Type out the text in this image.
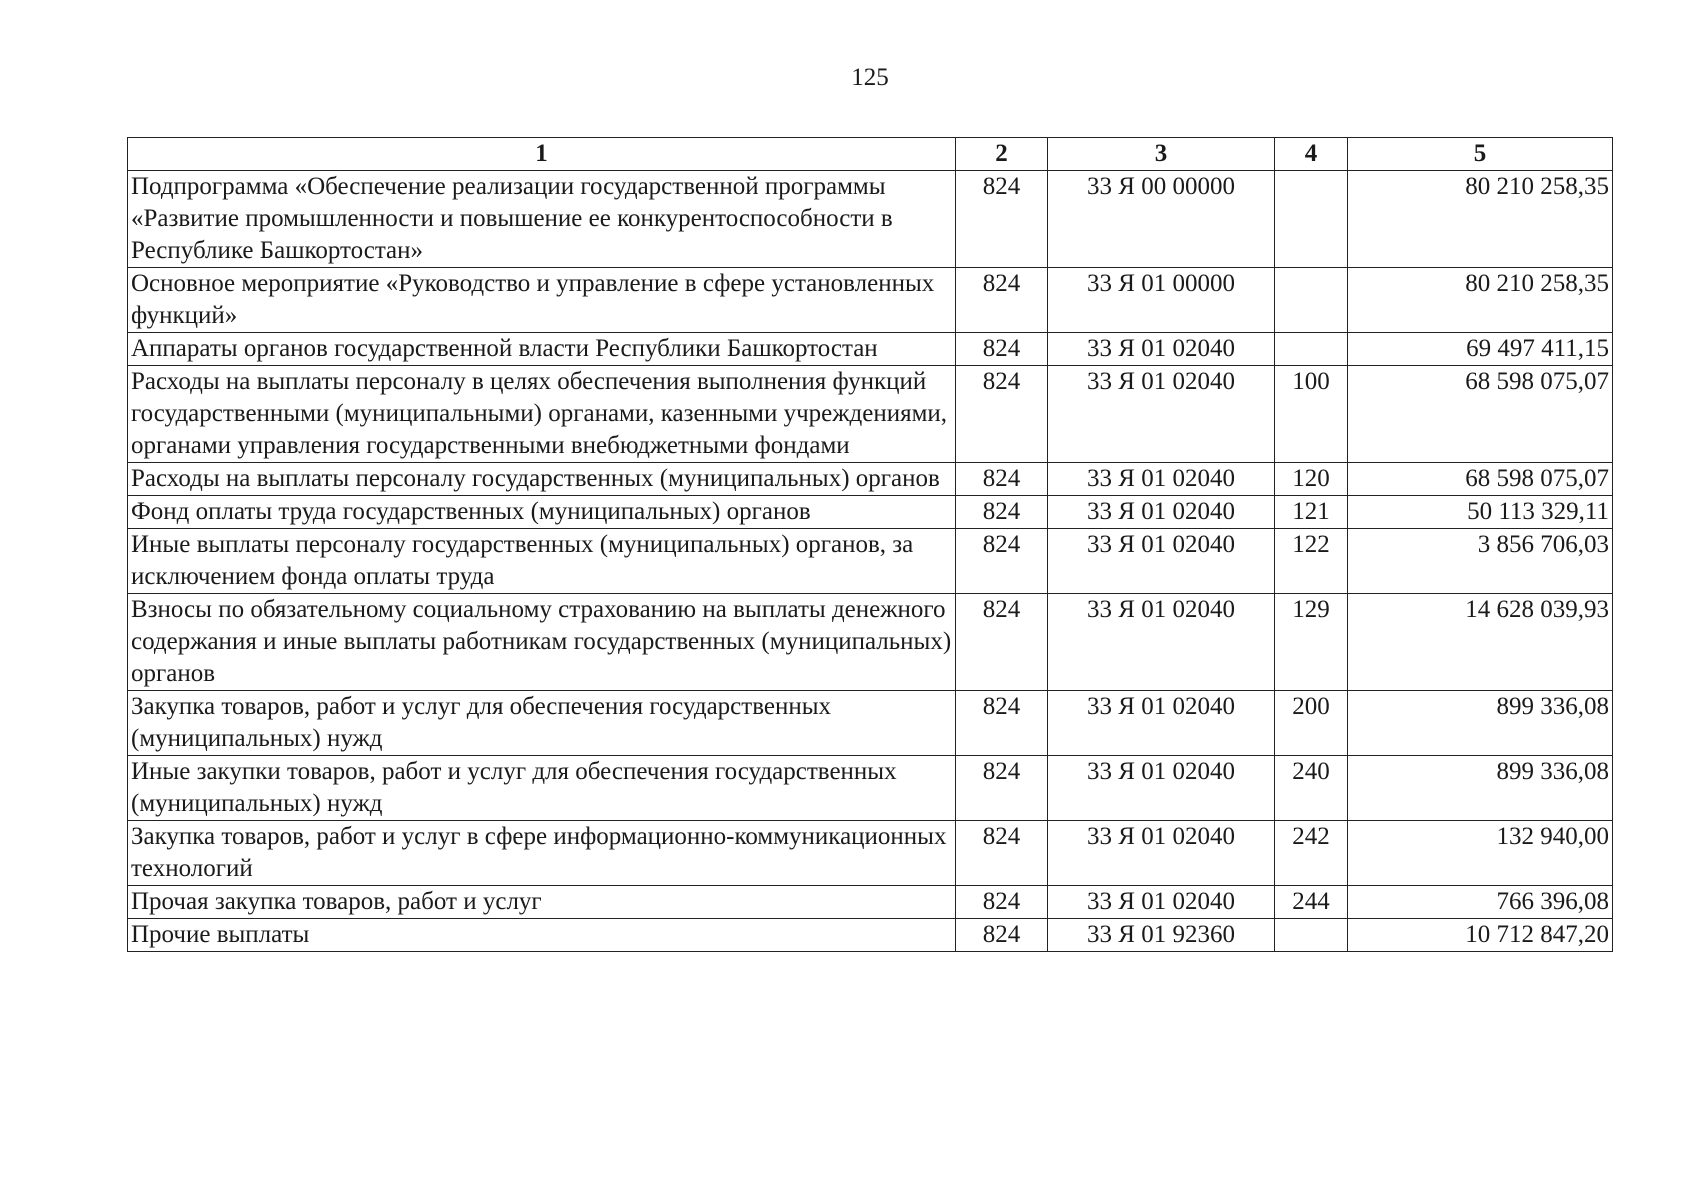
125
1	2	3	4	5
Подпрограмма «Обеспечение реализации государственной программы «Развитие промышленности и повышение ее конкурентоспособности в Республике Башкортостан»	824	33 Я 00 00000		80 210 258,35
Основное мероприятие «Руководство и управление в сфере установленных функций»	824	33 Я 01 00000		80 210 258,35
Аппараты органов государственной власти Республики Башкортостан	824	33 Я 01 02040		69 497 411,15
Расходы на выплаты персоналу в целях обеспечения выполнения функций государственными (муниципальными) органами, казенными учреждениями, органами управления государственными внебюджетными фондами	824	33 Я 01 02040	100	68 598 075,07
Расходы на выплаты персоналу государственных (муниципальных) органов	824	33 Я 01 02040	120	68 598 075,07
Фонд оплаты труда государственных (муниципальных) органов	824	33 Я 01 02040	121	50 113 329,11
Иные выплаты персоналу государственных (муниципальных) органов, за исключением фонда оплаты труда	824	33 Я 01 02040	122	3 856 706,03
Взносы по обязательному социальному страхованию на выплаты денежного содержания и иные выплаты работникам государственных (муниципальных) органов	824	33 Я 01 02040	129	14 628 039,93
Закупка товаров, работ и услуг для обеспечения государственных (муниципальных) нужд	824	33 Я 01 02040	200	899 336,08
Иные закупки товаров, работ и услуг для обеспечения государственных (муниципальных) нужд	824	33 Я 01 02040	240	899 336,08
Закупка товаров, работ и услуг в сфере информационно-коммуникационных технологий	824	33 Я 01 02040	242	132 940,00
Прочая закупка товаров, работ и услуг	824	33 Я 01 02040	244	766 396,08
Прочие выплаты	824	33 Я 01 92360		10 712 847,20
